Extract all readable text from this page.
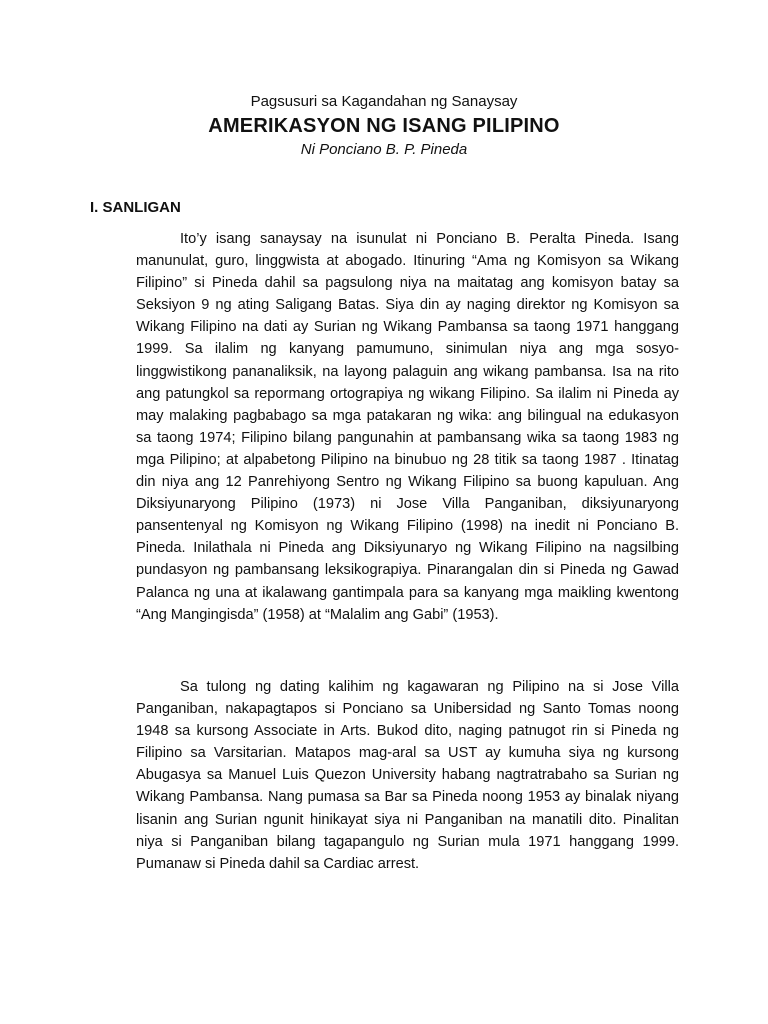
Pagsusuri sa Kagandahan ng Sanaysay

AMERIKASYON NG ISANG PILIPINO

Ni Ponciano B. P. Pineda

I. SANLIGAN

Ito’y isang sanaysay na isunulat ni Ponciano B. Peralta Pineda. Isang manunulat, guro, linggwista at abogado. Itinuring “Ama ng Komisyon sa Wikang Filipino” si Pineda dahil sa pagsulong niya na maitatag ang komisyon batay sa Seksiyon 9 ng ating Saligang Batas. Siya din ay naging direktor ng Komisyon sa Wikang Filipino na dati ay Surian ng Wikang Pambansa sa taong 1971 hanggang 1999. Sa ilalim ng kanyang pamumuno, sinimulan niya ang mga sosyo-linggwistikong pananaliksik, na layong palaguin ang wikang pambansa. Isa na rito ang patungkol sa repormang ortograpiya ng wikang Filipino. Sa ilalim ni Pineda ay may malaking pagbabago sa mga patakaran ng wika: ang bilingual na edukasyon sa taong 1974; Filipino bilang pangunahin at pambansang wika sa taong 1983 ng mga Pilipino; at alpabetong Pilipino na binubuo ng 28 titik sa taong 1987 . Itinatag din niya ang 12 Panrehiyong Sentro ng Wikang Filipino sa buong kapuluan. Ang Diksiyunaryong Pilipino (1973) ni Jose Villa Panganiban, diksiyunaryong pansentenyal ng Komisyon ng Wikang Filipino (1998) na inedit ni Ponciano B. Pineda. Inilathala ni Pineda ang Diksiyunaryo ng Wikang Filipino na nagsilbing pundasyon ng pambansang leksikograpiya. Pinarangalan din si Pineda ng Gawad Palanca ng una at ikalawang gantimpala para sa kanyang mga maikling kwentong “Ang Mangingisda” (1958) at “Malalim ang Gabi” (1953).

Sa tulong ng dating kalihim ng kagawaran ng Pilipino na si Jose Villa Panganiban, nakapagtapos si Ponciano sa Unibersidad ng Santo Tomas noong 1948 sa kursong Associate in Arts. Bukod dito, naging patnugot rin si Pineda ng Filipino sa Varsitarian. Matapos mag-aral sa UST ay kumuha siya ng kursong Abugasya sa Manuel Luis Quezon University habang nagtratrabaho sa Surian ng Wikang Pambansa. Nang pumasa sa Bar sa Pineda noong 1953 ay binalak niyang lisanin ang Surian ngunit hinikayat siya ni Panganiban na manatili dito. Pinalitan niya si Panganiban bilang tagapangulo ng Surian mula 1971 hanggang 1999. Pumanaw si Pineda dahil sa Cardiac arrest.
